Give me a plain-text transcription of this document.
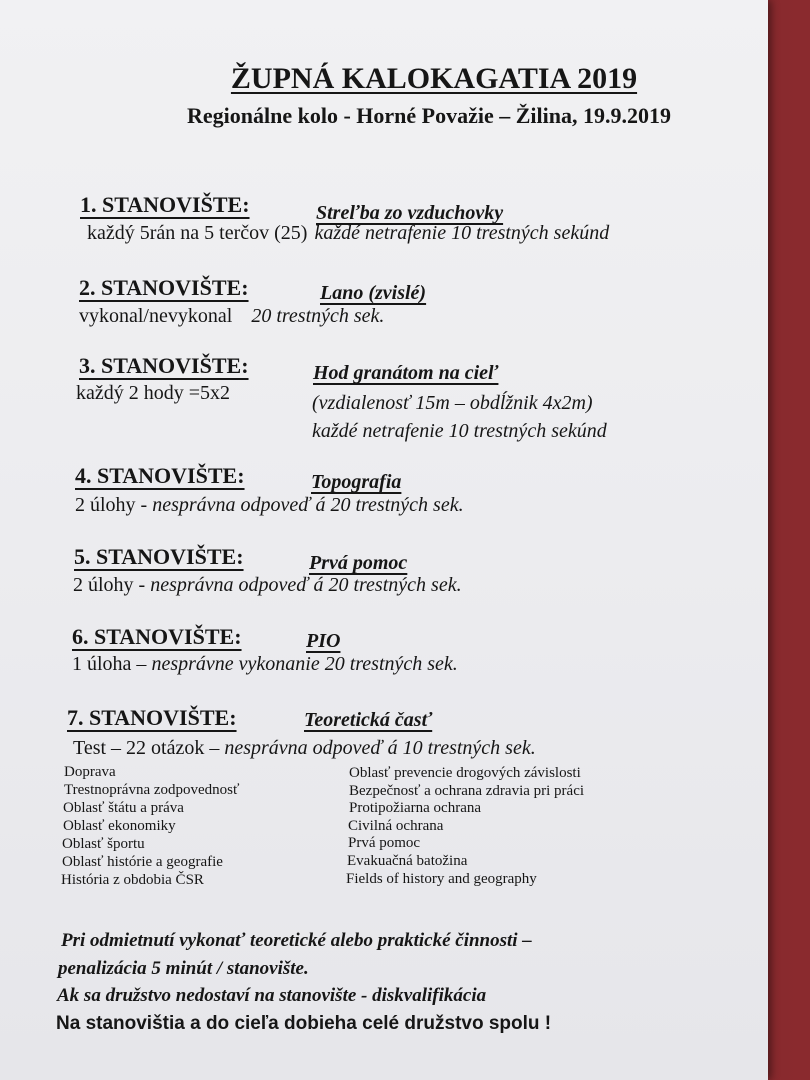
ŽUPNÁ KALOKAGATIA 2019
Regionálne kolo - Horné Považie – Žilina, 19.9.2019
1. STANOVIŠTE:	Streľba zo vzduchovky
každý 5rán na 5 terčov (25) každé netrafenie 10 trestných sekúnd
2. STANOVIŠTE:	Lano (zvislé)
vykonal/nevykonal 20 trestných sek.
3. STANOVIŠTE:	Hod granátom na cieľ
každý 2 hody =5x2	(vzdialenosť 15m – obdĺžnik 4x2m)
každé netrafenie 10 trestných sekúnd
4. STANOVIŠTE:	Topografia
2 úlohy - nesprávna odpoveď á 20 trestných sek.
5. STANOVIŠTE:	Prvá pomoc
2 úlohy - nesprávna odpoveď á 20 trestných sek.
6. STANOVIŠTE:	PIO
1 úloha – nesprávne vykonanie 20 trestných sek.
7. STANOVIŠTE:	Teoretická časť
Test – 22 otázok – nesprávna odpoveď á 10 trestných sek.
Doprava
Trestnoprávna zodpovednosť
Oblasť štátu a práva
Oblasť ekonomiky
Oblasť športu
Oblasť histórie a geografie
História z obdobia ČSR
Oblasť prevencie drogových závislosti
Bezpečnosť a ochrana zdravia pri práci
Protipožiarna ochrana
Civilná ochrana
Prvá pomoc
Evakuačná batožina
Fields of history and geography
Pri odmietnutí vykonať teoretické alebo praktické činnosti –
penalizácia 5 minút / stanovište.
Ak sa družstvo nedostaví na stanovište - diskvalifikácia
Na stanovištia a do cieľa dobieha celé družstvo spolu !
